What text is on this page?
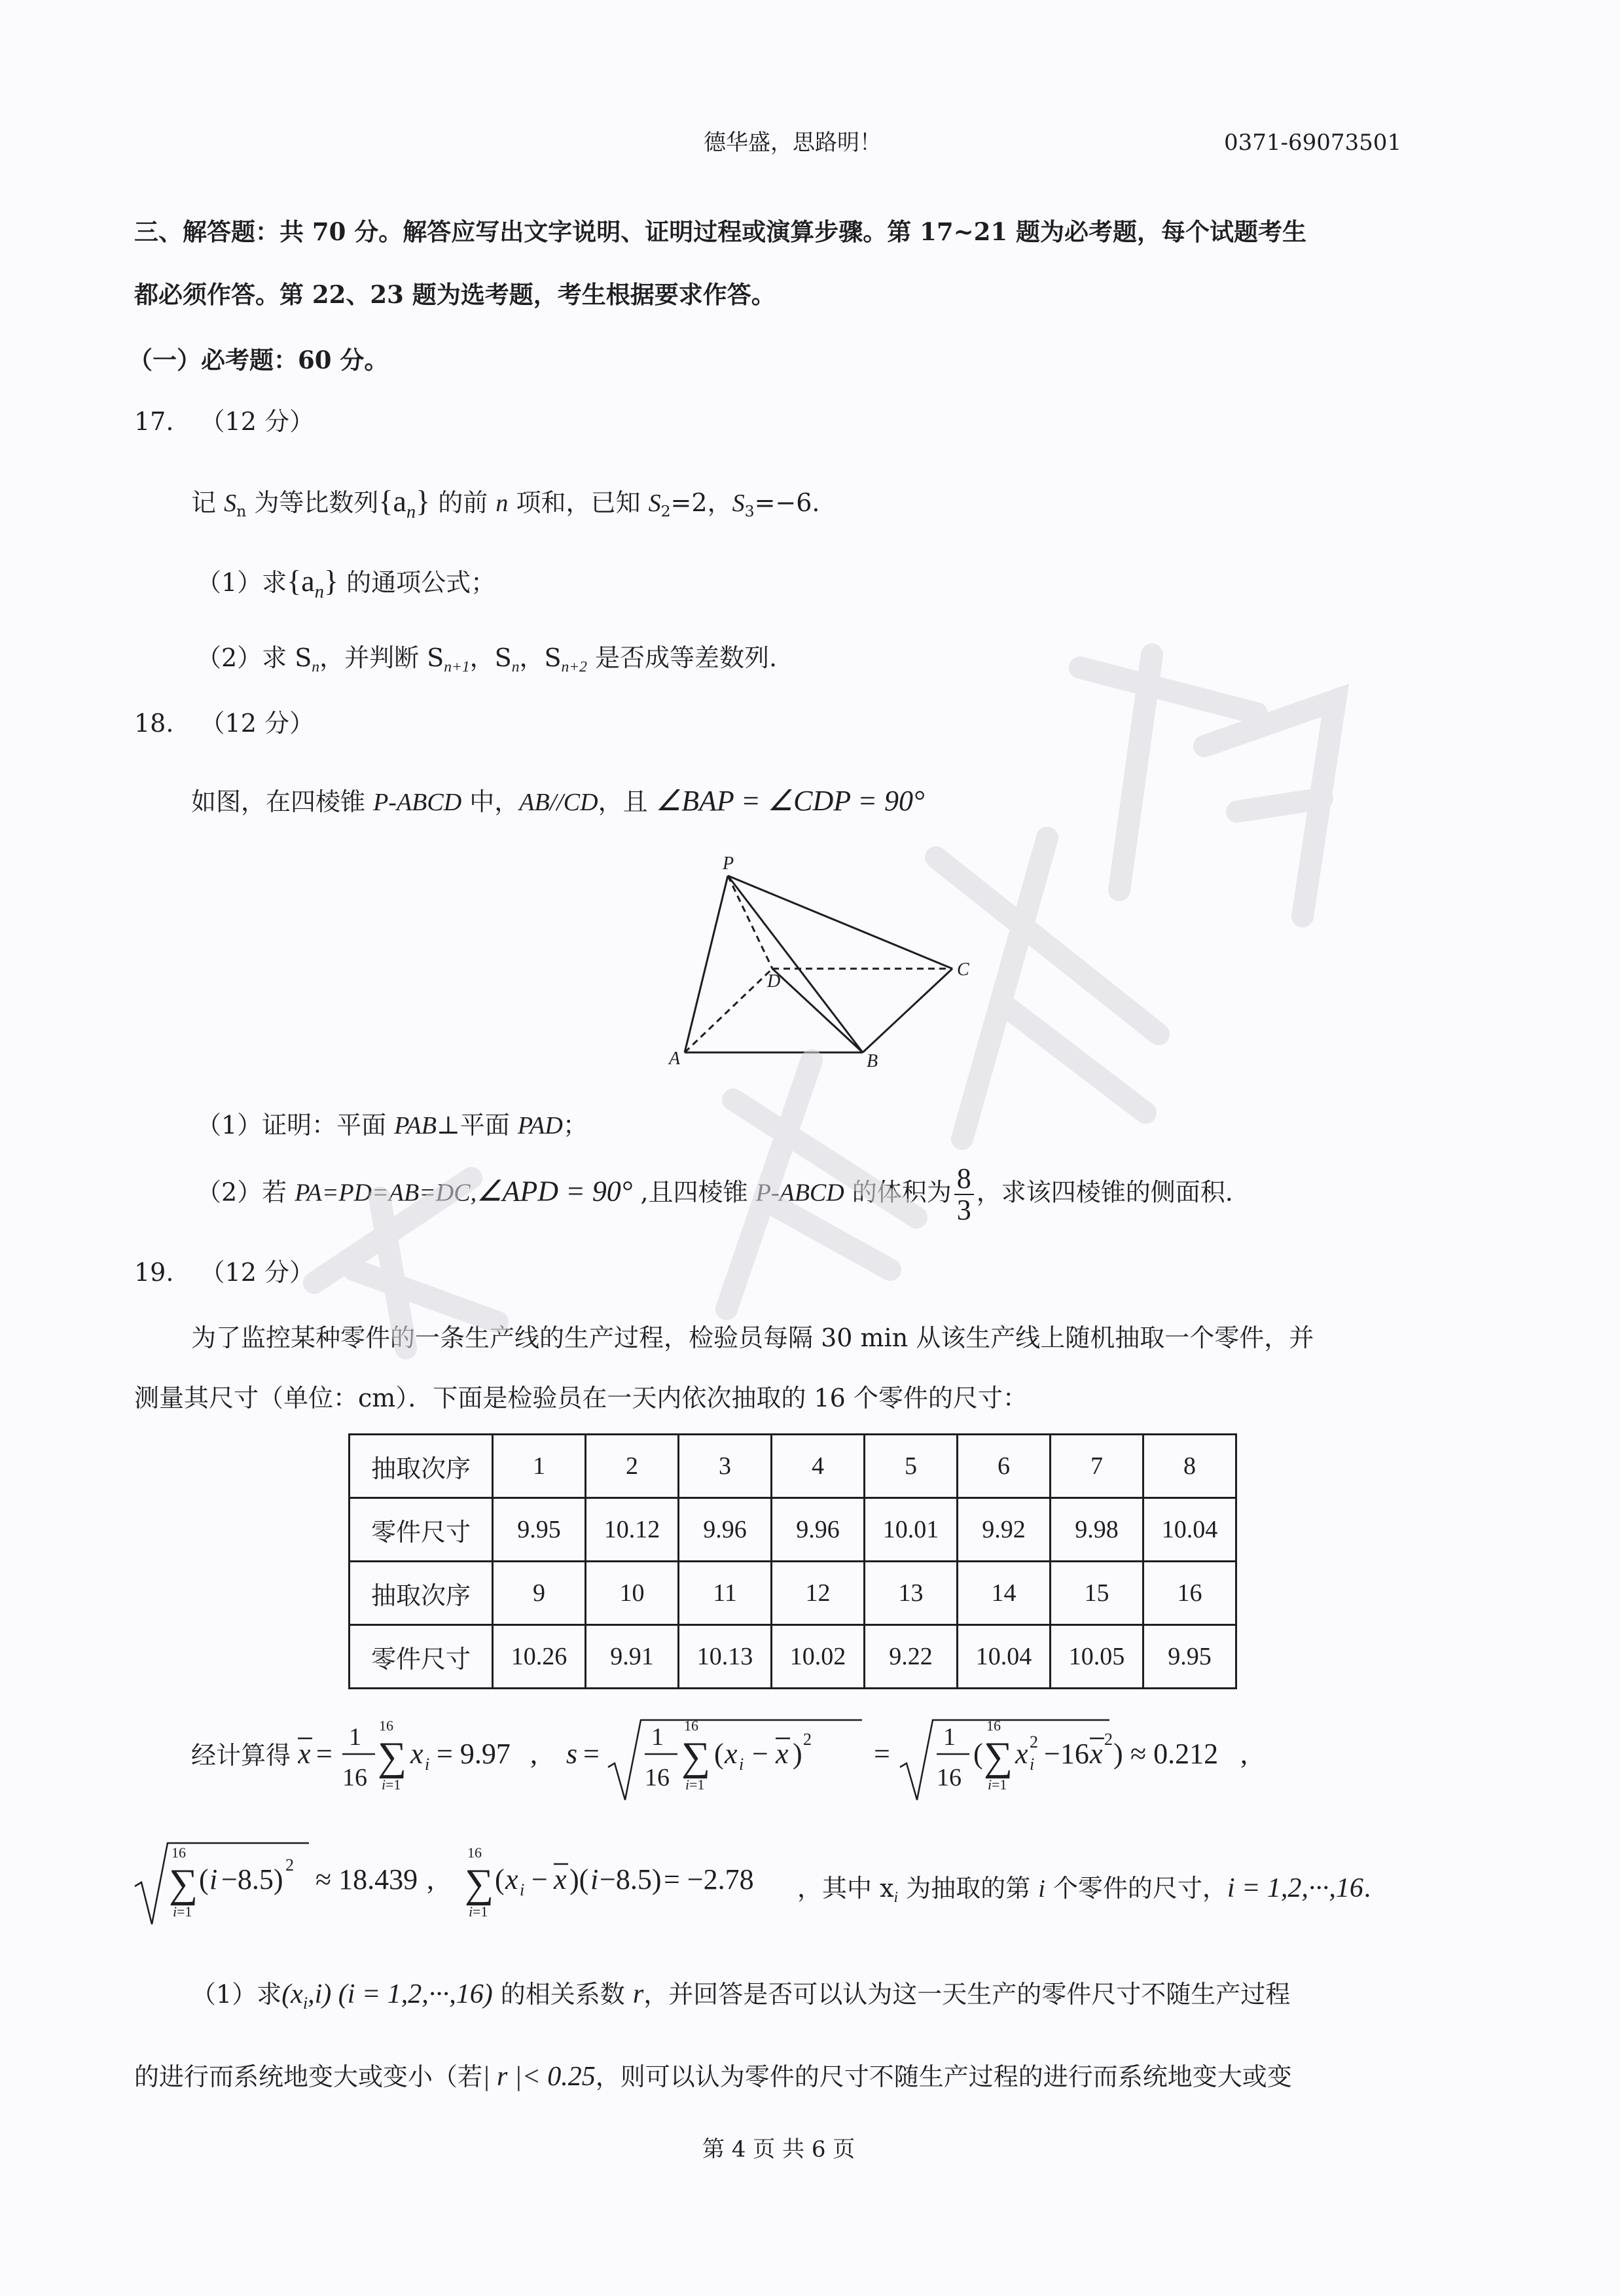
德华盛，思路明！	0371-69073501
三、解答题：共 70 分。解答应写出文字说明、证明过程或演算步骤。第 17~21 题为必考题，每个试题考生
都必须作答。第 22、23 题为选考题，考生根据要求作答。
（一）必考题：60 分。
17. （12 分）
记 $S_n$ 为等比数列$\{a_n\}$ 的前 n 项和，已知 $S_2=2$，$S_3=-6$.
（1）求$\{a_n\}$ 的通项公式；
（2）求 $S_n$，并判断 $S_{n+1}$，$S_n$，$S_{n+2}$ 是否成等差数列.
18. （12 分）
如图，在四棱锥 P-ABCD 中，AB//CD，且 ∠BAP = ∠CDP = 90°
P
D
C
A	B
（1）证明：平面 PAB⊥平面 PAD；
（2）若 PA=PD=AB=DC,∠APD = 90° ,且四棱锥 P-ABCD 的体积为 $\frac{8}{3}$ ，求该四棱锥的侧面积.
19. （12 分）
为了监控某种零件的一条生产线的生产过程，检验员每隔 30 min 从该生产线上随机抽取一个零件，并
测量其尺寸（单位：cm）．下面是检验员在一天内依次抽取的 16 个零件的尺寸：
抽取次序	1	2	3	4	5	6	7	8
零件尺寸	9.95	10.12	9.96	9.96	10.01	9.92	9.98	10.04
抽取次序	9	10	11	12	13	14	15	16
零件尺寸	10.26	9.91	10.13	10.02	9.22	10.04	10.05	9.95
经计算得 x =
1
16
16
∑
i =1
x i = 9.97 , s =
1
16
16
∑
i =1
( x i − x ) 2 =
1
16
(
16
∑
i =1
x i
2 −16 x 2 ) ≈ 0.212 ,
16
∑
i =1
( i −8.5) 2 ≈ 18.439 ,
16
∑
i =1
( x i − x )( i −8.5) = −2.78 ，其中 $x_i$ 为抽取的第 i 个零件的尺寸，i = 1,2,···,16.
（1）求$(x_i,i) (i = 1,2,\cdot\cdot\cdot,16)$ 的相关系数 r，并回答是否可以认为这一天生产的零件尺寸不随生产过程
的进行而系统地变大或变小（若| r |< 0.25，则可以认为零件的尺寸不随生产过程的进行而系统地变大或变
第 4 页 共 6 页
